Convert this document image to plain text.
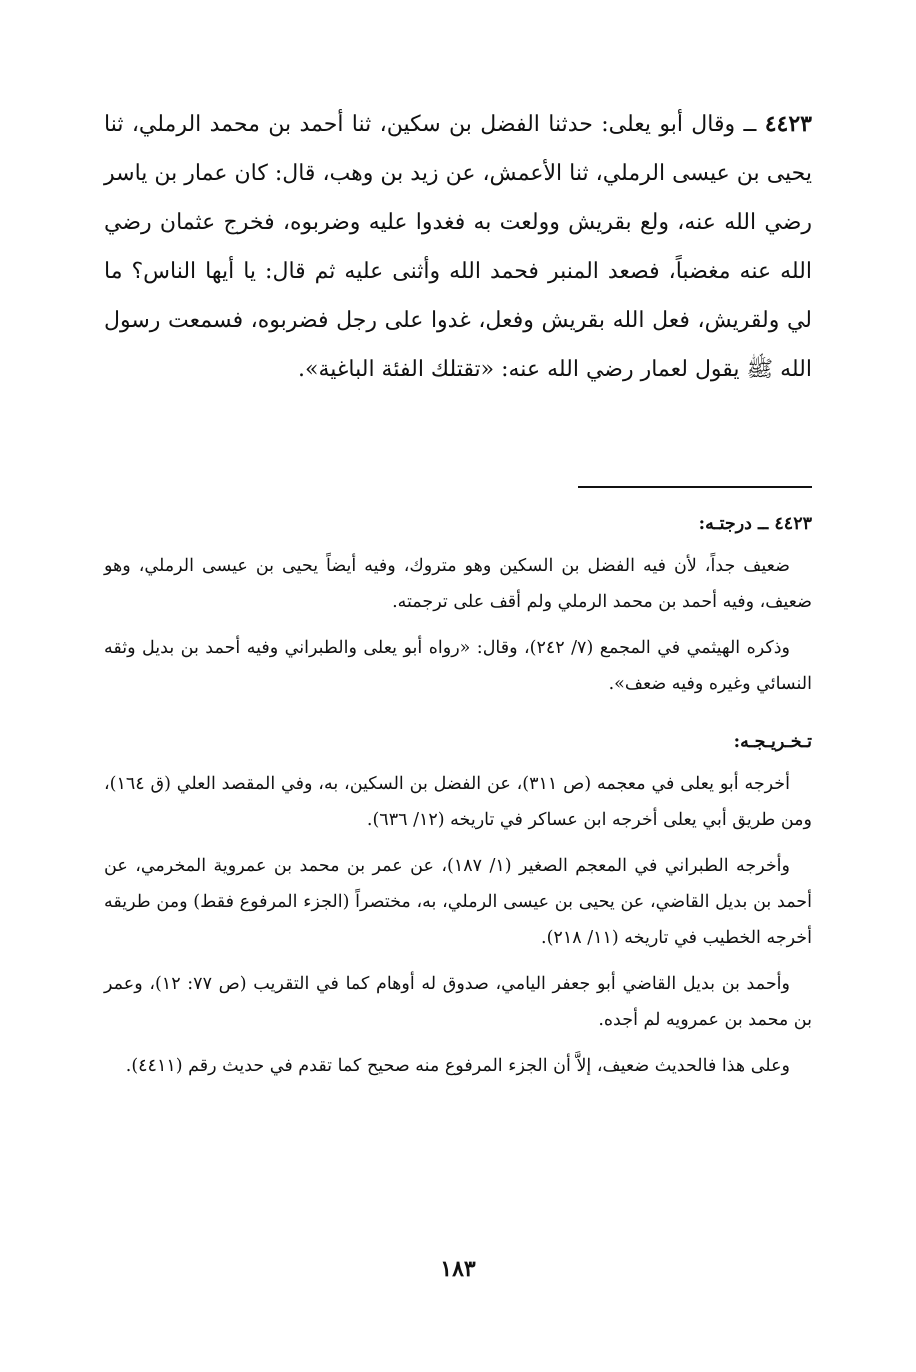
٤٤٢٣ ــ وقال أبو يعلى: حدثنا الفضل بن سكين، ثنا أحمد بن محمد الرملي، ثنا يحيى بن عيسى الرملي، ثنا الأعمش، عن زيد بن وهب، قال: كان عمار بن ياسر رضي الله عنه، ولع بقريش وولعت به فغدوا عليه وضربوه، فخرج عثمان رضي الله عنه مغضباً، فصعد المنبر فحمد الله وأثنى عليه ثم قال: يا أيها الناس؟ ما لي ولقريش، فعل الله بقريش وفعل، غدوا على رجل فضربوه، فسمعت رسول الله ﷺ يقول لعمار رضي الله عنه: «تقتلك الفئة الباغية».

٤٤٢٣ ــ درجتـه:

ضعيف جداً، لأن فيه الفضل بن السكين وهو متروك، وفيه أيضاً يحيى بن عيسى الرملي، وهو ضعيف، وفيه أحمد بن محمد الرملي ولم أقف على ترجمته.

وذكره الهيثمي في المجمع (٧/ ٢٤٢)، وقال: «رواه أبو يعلى والطبراني وفيه أحمد بن بديل وثقه النسائي وغيره وفيه ضعف».

تـخـريـجـه:

أخرجه أبو يعلى في معجمه (ص ٣١١)، عن الفضل بن السكين، به، وفي المقصد العلي (ق ١٦٤)، ومن طريق أبي يعلى أخرجه ابن عساكر في تاريخه (١٢/ ٦٣٦).

وأخرجه الطبراني في المعجم الصغير (١/ ١٨٧)، عن عمر بن محمد بن عمروية المخرمي، عن أحمد بن بديل القاضي، عن يحيى بن عيسى الرملي، به، مختصراً (الجزء المرفوع فقط) ومن طريقه أخرجه الخطيب في تاريخه (١١/ ٢١٨).

وأحمد بن بديل القاضي أبو جعفر اليامي، صدوق له أوهام كما في التقريب (ص ٧٧: ١٢)، وعمر بن محمد بن عمرويه لم أجده.

وعلى هذا فالحديث ضعيف، إلاَّ أن الجزء المرفوع منه صحيح كما تقدم في حديث رقم (٤٤١١).

١٨٣
